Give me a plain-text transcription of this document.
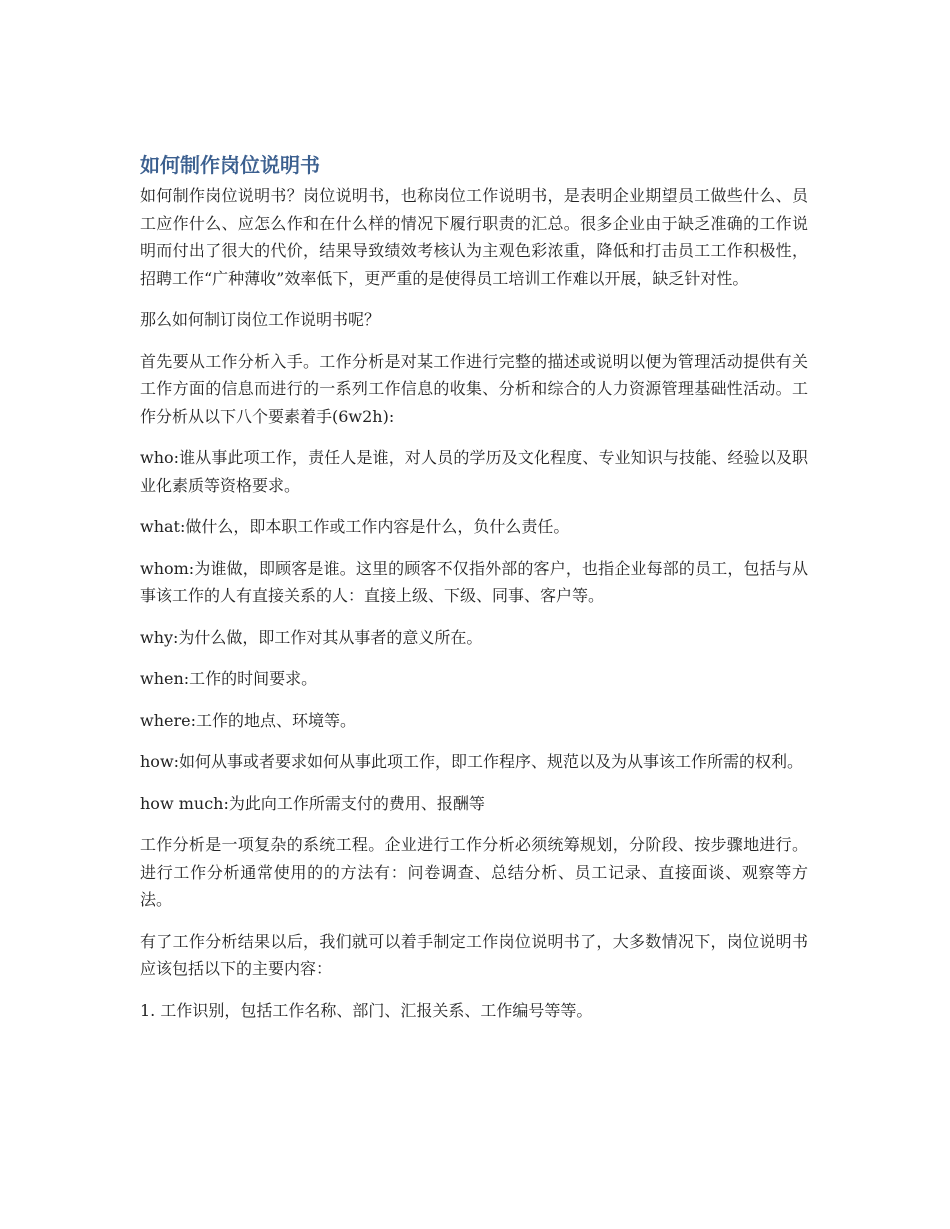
如何制作岗位说明书

如何制作岗位说明书？岗位说明书，也称岗位工作说明书，是表明企业期望员工做些什么、员工应作什么、应怎么作和在什么样的情况下履行职责的汇总。很多企业由于缺乏准确的工作说明而付出了很大的代价，结果导致绩效考核认为主观色彩浓重，降低和打击员工工作积极性，招聘工作“广种薄收”效率低下，更严重的是使得员工培训工作难以开展，缺乏针对性。

那么如何制订岗位工作说明书呢？

首先要从工作分析入手。工作分析是对某工作进行完整的描述或说明以便为管理活动提供有关工作方面的信息而进行的一系列工作信息的收集、分析和综合的人力资源管理基础性活动。工作分析从以下八个要素着手(6w2h):

who:谁从事此项工作，责任人是谁，对人员的学历及文化程度、专业知识与技能、经验以及职业化素质等资格要求。

what:做什么，即本职工作或工作内容是什么，负什么责任。

whom:为谁做，即顾客是谁。这里的顾客不仅指外部的客户，也指企业每部的员工，包括与从事该工作的人有直接关系的人：直接上级、下级、同事、客户等。

why:为什么做，即工作对其从事者的意义所在。

when:工作的时间要求。

where:工作的地点、环境等。

how:如何从事或者要求如何从事此项工作，即工作程序、规范以及为从事该工作所需的权利。

how much:为此向工作所需支付的费用、报酬等

工作分析是一项复杂的系统工程。企业进行工作分析必须统筹规划，分阶段、按步骤地进行。进行工作分析通常使用的的方法有：问卷调查、总结分析、员工记录、直接面谈、观察等方法。

有了工作分析结果以后，我们就可以着手制定工作岗位说明书了，大多数情况下，岗位说明书应该包括以下的主要内容：

1. 工作识别，包括工作名称、部门、汇报关系、工作编号等等。
